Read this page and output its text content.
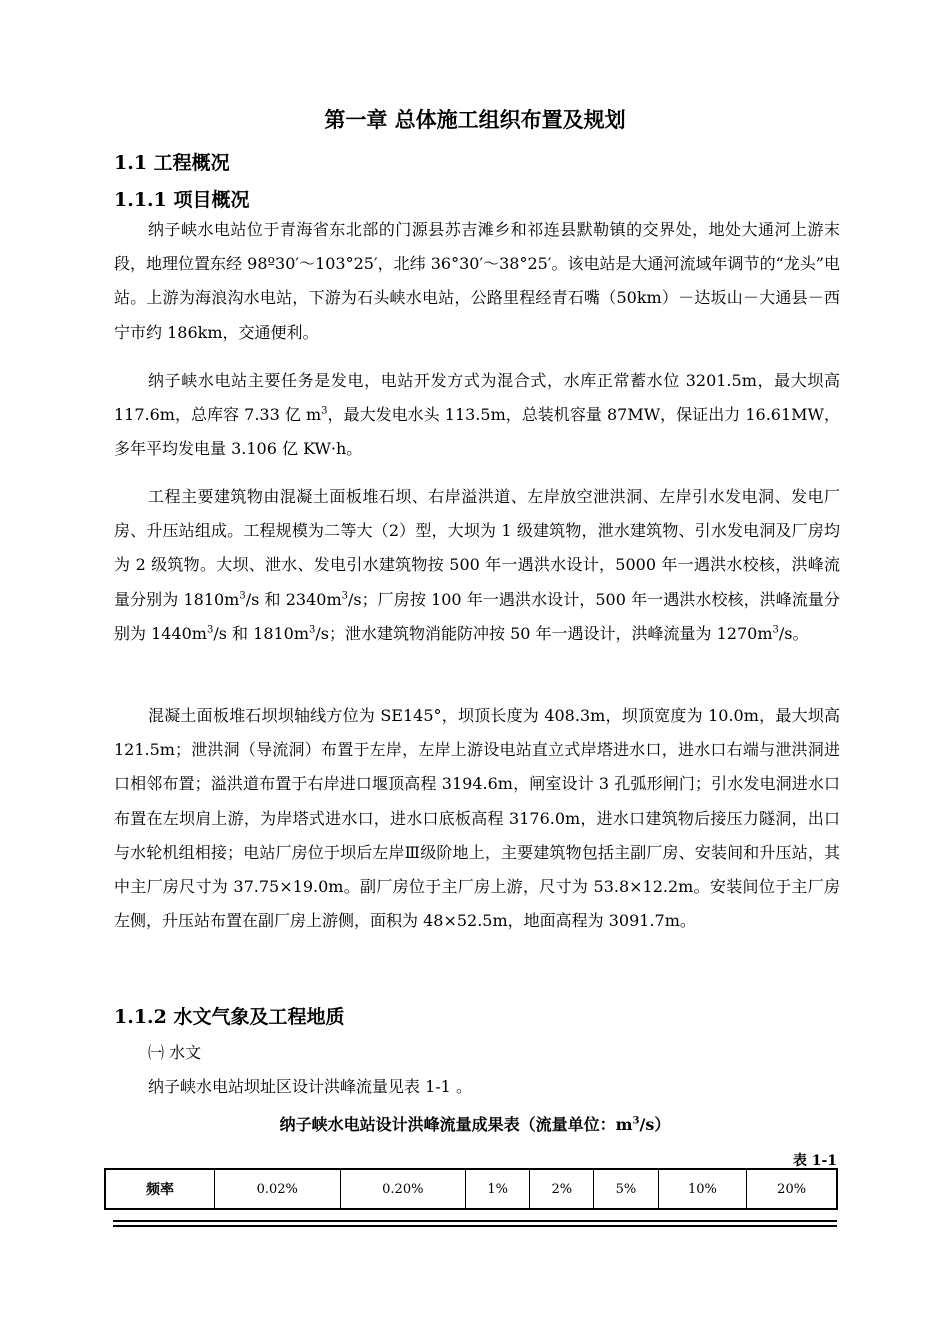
第一章 总体施工组织布置及规划
1.1 工程概况
1.1.1 项目概况

纳子峡水电站位于青海省东北部的门源县苏吉滩乡和祁连县默勒镇的交界处，地处大通河上游末段，地理位置东经 98º30′～103°25′，北纬 36°30′～38°25′。该电站是大通河流域年调节的“龙头”电站。上游为海浪沟水电站，下游为石头峡水电站，公路里程经青石嘴（50km）－达坂山－大通县－西宁市约 186km，交通便利。

纳子峡水电站主要任务是发电，电站开发方式为混合式，水库正常蓄水位 3201.5m，最大坝高 117.6m，总库容 7.33 亿 $m^3$，最大发电水头 113.5m，总装机容量 87MW，保证出力 16.61MW，多年平均发电量 3.106 亿 KW·h。

工程主要建筑物由混凝土面板堆石坝、右岸溢洪道、左岸放空泄洪洞、左岸引水发电洞、发电厂房、升压站组成。工程规模为二等大（2）型，大坝为 1 级建筑物，泄水建筑物、引水发电洞及厂房均为 2 级筑物。大坝、泄水、发电引水建筑物按 500 年一遇洪水设计，5000 年一遇洪水校核，洪峰流量分别为 $1810m^3/s$ 和 $2340m^3/s$；厂房按 100 年一遇洪水设计，500 年一遇洪水校核，洪峰流量分别为 $1440m^3/s$ 和 $1810m^3/s$；泄水建筑物消能防冲按 50 年一遇设计，洪峰流量为 $1270m^3/s$。

混凝土面板堆石坝坝轴线方位为 SE145°，坝顶长度为 408.3m，坝顶宽度为 10.0m，最大坝高 121.5m；泄洪洞（导流洞）布置于左岸，左岸上游设电站直立式岸塔进水口，进水口右端与泄洪洞进口相邻布置；溢洪道布置于右岸进口堰顶高程 3194.6m，闸室设计 3 孔弧形闸门；引水发电洞进水口布置在左坝肩上游，为岸塔式进水口，进水口底板高程 3176.0m，进水口建筑物后接压力隧洞，出口与水轮机组相接；电站厂房位于坝后左岸Ⅲ级阶地上，主要建筑物包括主副厂房、安装间和升压站，其中主厂房尺寸为 37.75×19.0m。副厂房位于主厂房上游，尺寸为 53.8×12.2m。安装间位于主厂房左侧，升压站布置在副厂房上游侧，面积为 48×52.5m，地面高程为 3091.7m。

1.1.2 水文气象及工程地质
㈠ 水文
纳子峡水电站坝址区设计洪峰流量见表 1-1 。
纳子峡水电站设计洪峰流量成果表（流量单位：$m^3/s$）
表 1-1
频率	0.02%	0.20%	1%	2%	5%	10%	20%
